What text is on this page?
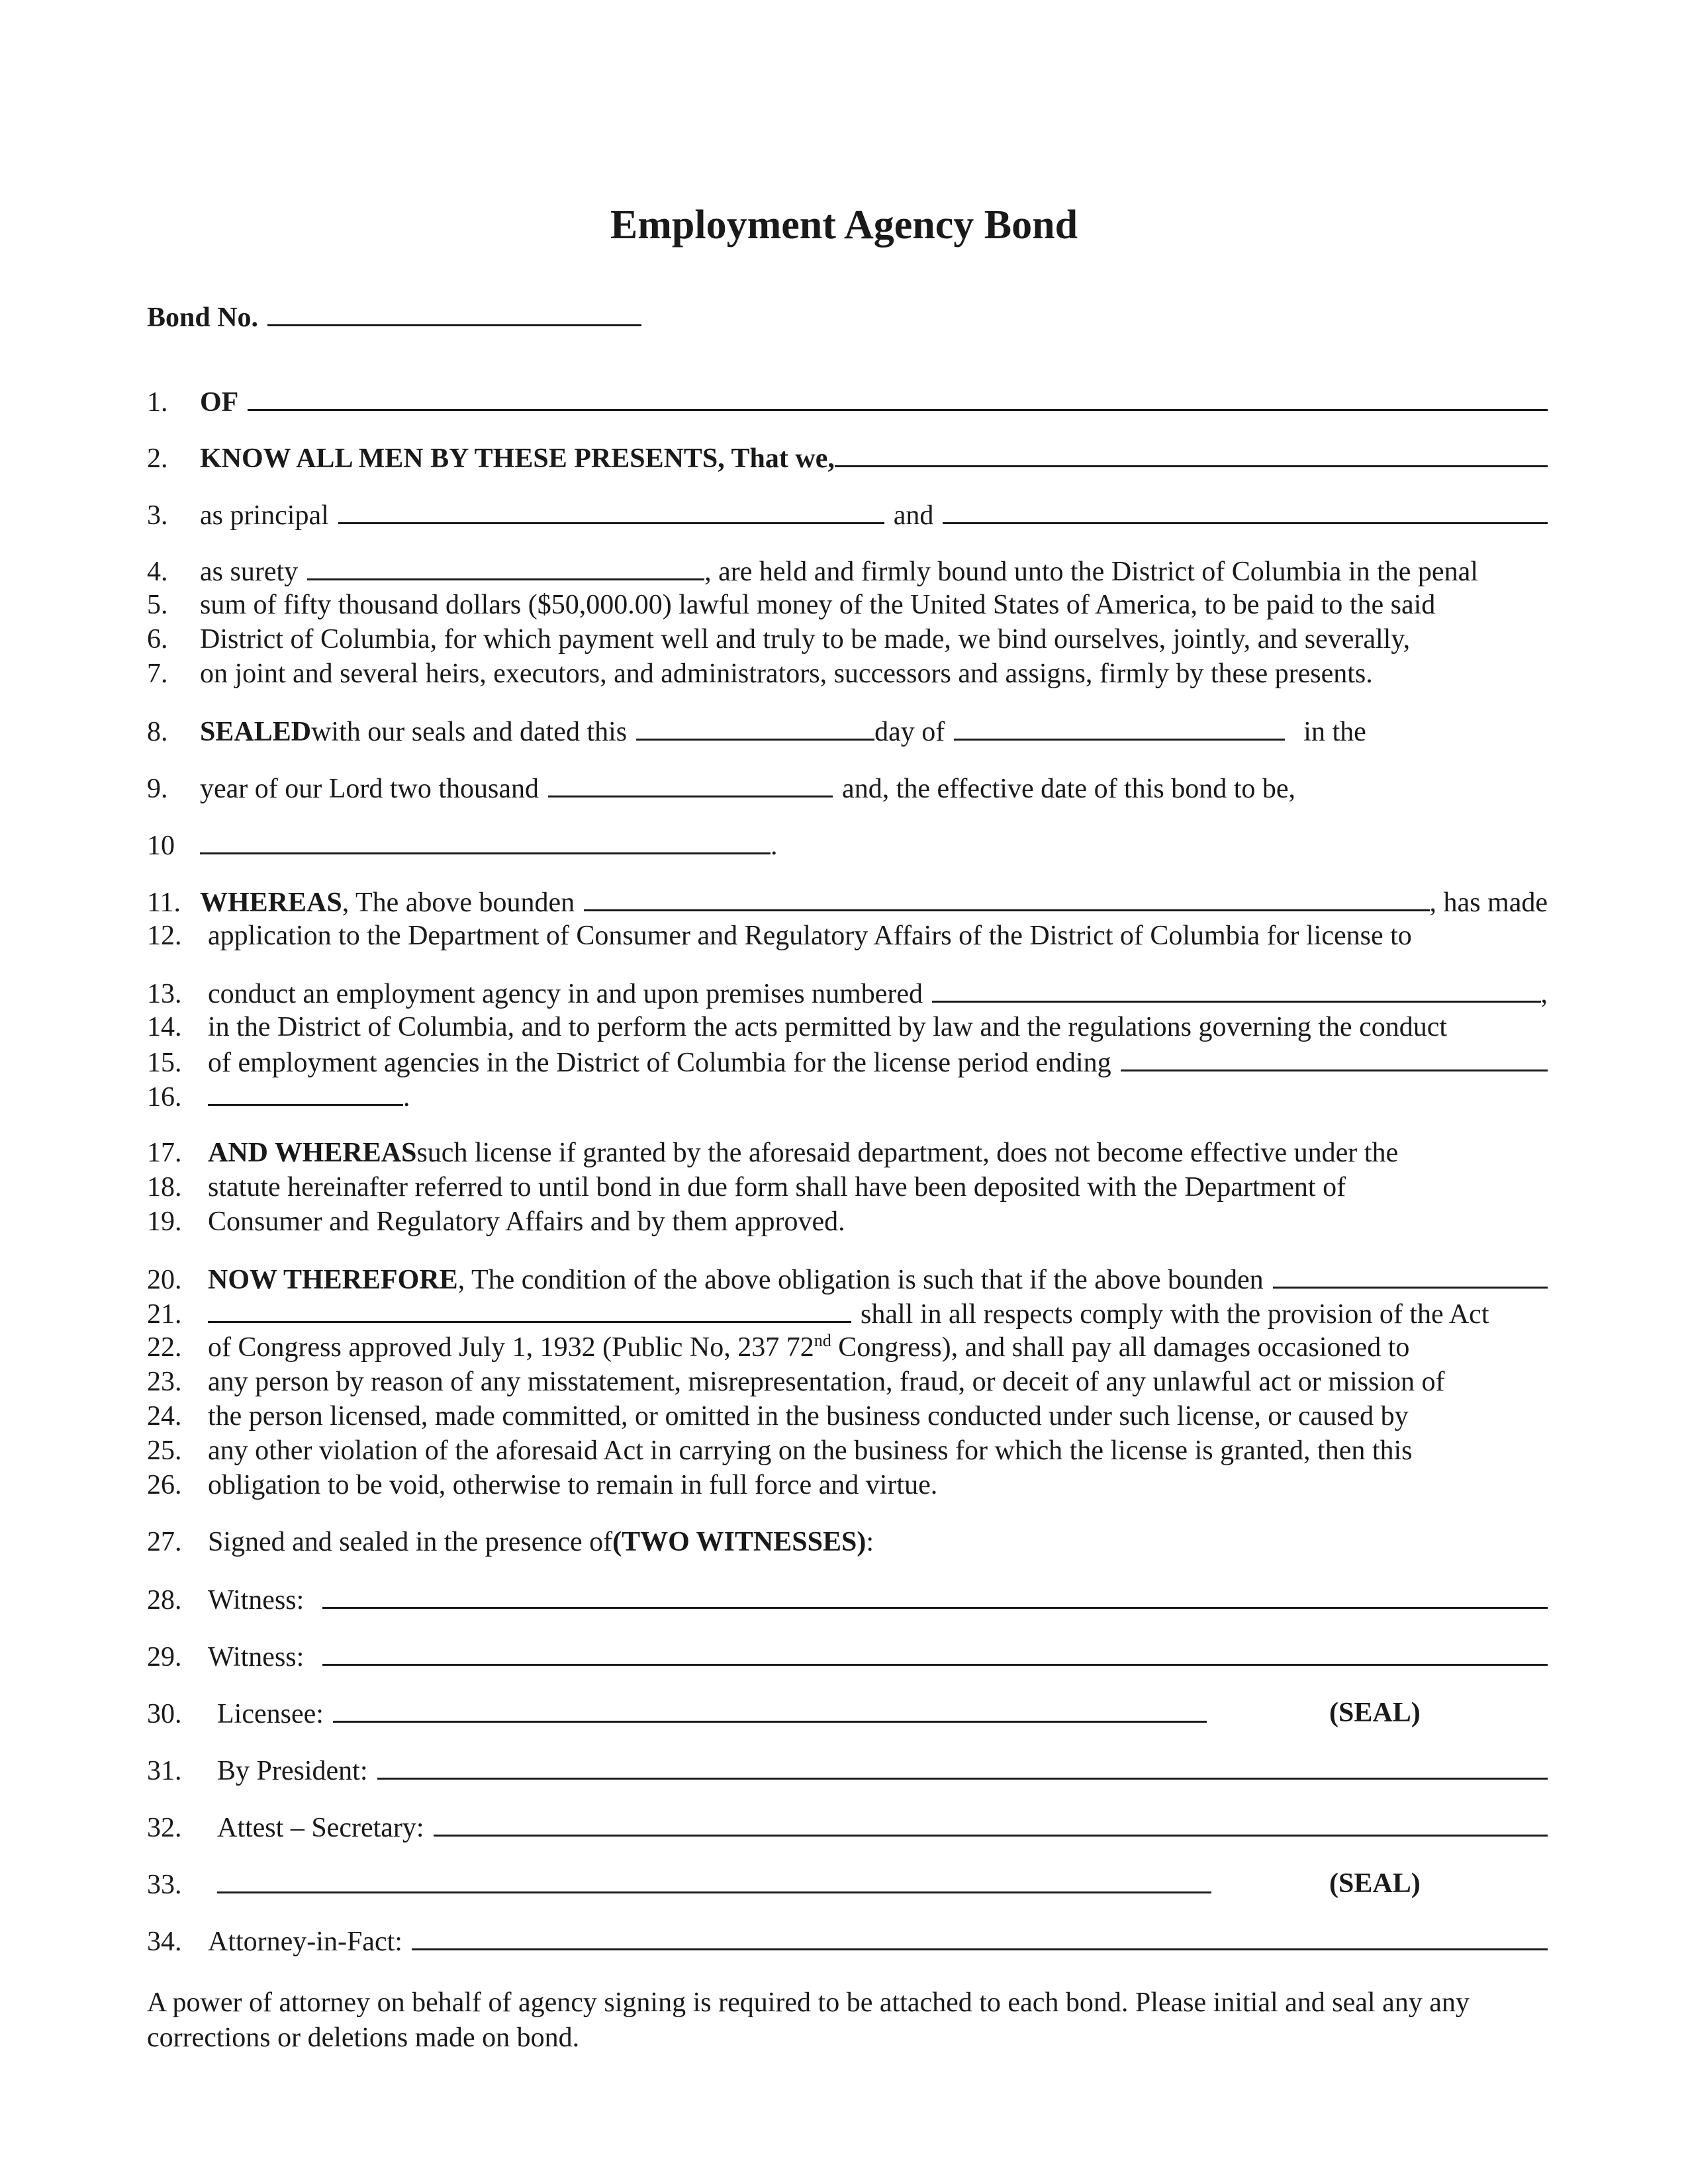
Employment Agency Bond
Bond No.
1.	OF
2.	KNOW ALL MEN BY THESE PRESENTS, That we,
3.	as principal	and
4.	as surety	, are held and firmly bound unto the District of Columbia in the penal
5.	sum of fifty thousand dollars ($50,000.00) lawful money of the United States of America, to be paid to the said
6.	District of Columbia, for which payment well and truly to be made, we bind ourselves, jointly, and severally,
7.	on joint and several heirs, executors, and administrators, successors and assigns, firmly by these presents.
8.	SEALED with our seals and dated this	day of	in the
9.	year of our Lord two thousand	and, the effective date of this bond to be,
10	.
11. WHEREAS , The above bounden	, has made
12. application to the Department of Consumer and Regulatory Affairs of the District of Columbia for license to
13. conduct an employment agency in and upon premises numbered	,
14. in the District of Columbia, and to perform the acts permitted by law and the regulations governing the conduct
15. of employment agencies in the District of Columbia for the license period ending
16.	.
17. AND WHEREAS such license if granted by the aforesaid department, does not become effective under the
18. statute hereinafter referred to until bond in due form shall have been deposited with the Department of
19. Consumer and Regulatory Affairs and by them approved.
20. NOW THEREFORE , The condition of the above obligation is such that if the above bounden
21.	shall in all respects comply with the provision of the Act
22. of Congress approved July 1, 1932 (Public No, 237 72nd Congress), and shall pay all damages occasioned to
23. any person by reason of any misstatement, misrepresentation, fraud, or deceit of any unlawful act or mission of
24. the person licensed, made committed, or omitted in the business conducted under such license, or caused by
25. any other violation of the aforesaid Act in carrying on the business for which the license is granted, then this
26. obligation to be void, otherwise to remain in full force and virtue.
27. Signed and sealed in the presence of (TWO WITNESSES) :
28. Witness:
29. Witness:
30.	Licensee:	(SEAL)
31.	By President:
32.	Attest – Secretary:
33.	(SEAL)
34. Attorney-in-Fact:
A power of attorney on behalf of agency signing is required to be attached to each bond. Please initial and seal any any corrections or deletions made on bond.
